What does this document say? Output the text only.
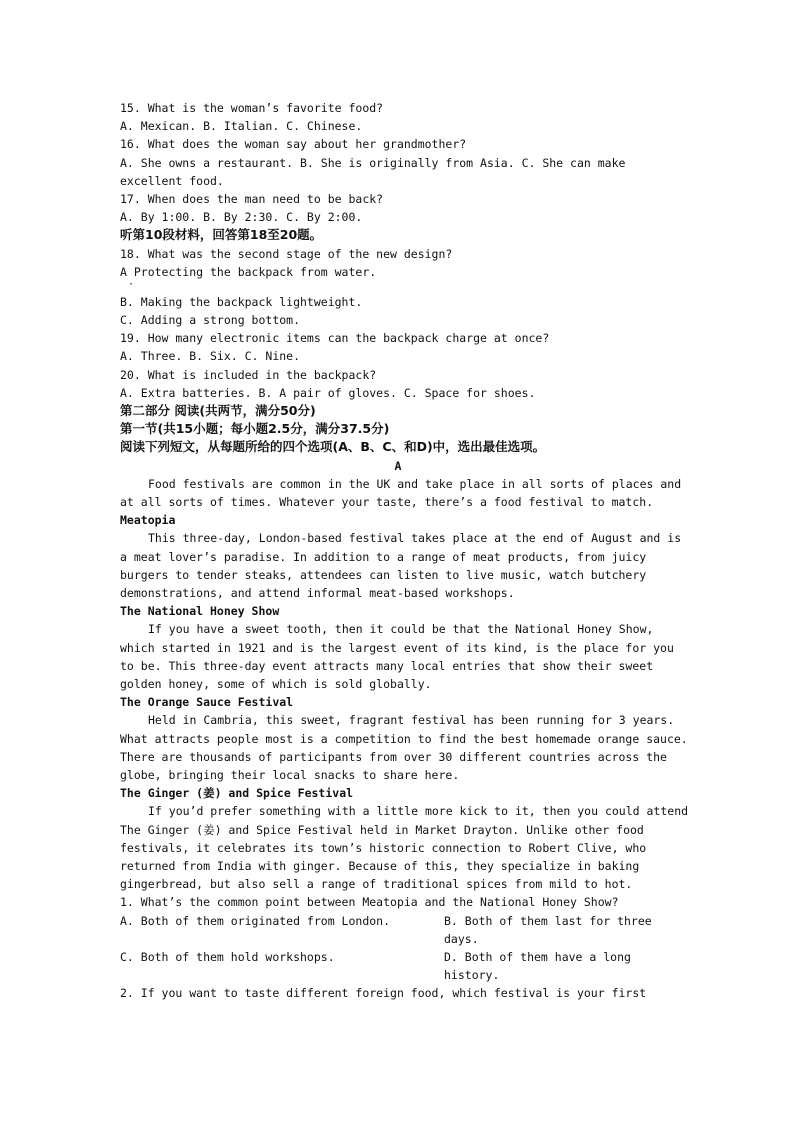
15. What is the woman’s favorite food?
A. Mexican. B. Italian. C. Chinese.
16. What does the woman say about her grandmother?
A. She owns a restaurant. B. She is originally from Asia. C. She can make
excellent food.
17. When does the man need to be back?
A. By 1:00. B. By 2:30. C. By 2:00.
听第10段材料，回答第18至20题。
18. What was the second stage of the new design?
A Protecting the backpack from water.
·
B. Making the backpack lightweight.
C. Adding a strong bottom.
19. How many electronic items can the backpack charge at once?
A. Three. B. Six. C. Nine.
20. What is included in the backpack?
A. Extra batteries. B. A pair of gloves. C. Space for shoes.
第二部分 阅读(共两节，满分50分)
第一节(共15小题；每小题2.5分，满分37.5分)
阅读下列短文，从每题所给的四个选项(A、B、C、和D)中，选出最佳选项。
A
Food festivals are common in the UK and take place in all sorts of places and at all sorts of times. Whatever your taste, there’s a food festival to match.
Meatopia
This three-day, London-based festival takes place at the end of August and is a meat lover’s paradise. In addition to a range of meat products, from juicy burgers to tender steaks, attendees can listen to live music, watch butchery demonstrations, and attend informal meat-based workshops.
The National Honey Show
If you have a sweet tooth, then it could be that the National Honey Show, which started in 1921 and is the largest event of its kind, is the place for you to be. This three-day event attracts many local entries that show their sweet golden honey, some of which is sold globally.
The Orange Sauce Festival
Held in Cambria, this sweet, fragrant festival has been running for 3 years. What attracts people most is a competition to find the best homemade orange sauce. There are thousands of participants from over 30 different countries across the globe, bringing their local snacks to share here.
The Ginger (姜) and Spice Festival
If you’d prefer something with a little more kick to it, then you could attend The Ginger (姜) and Spice Festival held in Market Drayton. Unlike other food festivals, it celebrates its town’s historic connection to Robert Clive, who returned from India with ginger. Because of this, they specialize in baking gingerbread, but also sell a range of traditional spices from mild to hot.
1. What’s the common point between Meatopia and the National Honey Show?
A. Both of them originated from London.	B. Both of them last for three days.
C. Both of them hold workshops.	D. Both of them have a long history.
2. If you want to taste different foreign food, which festival is your first
